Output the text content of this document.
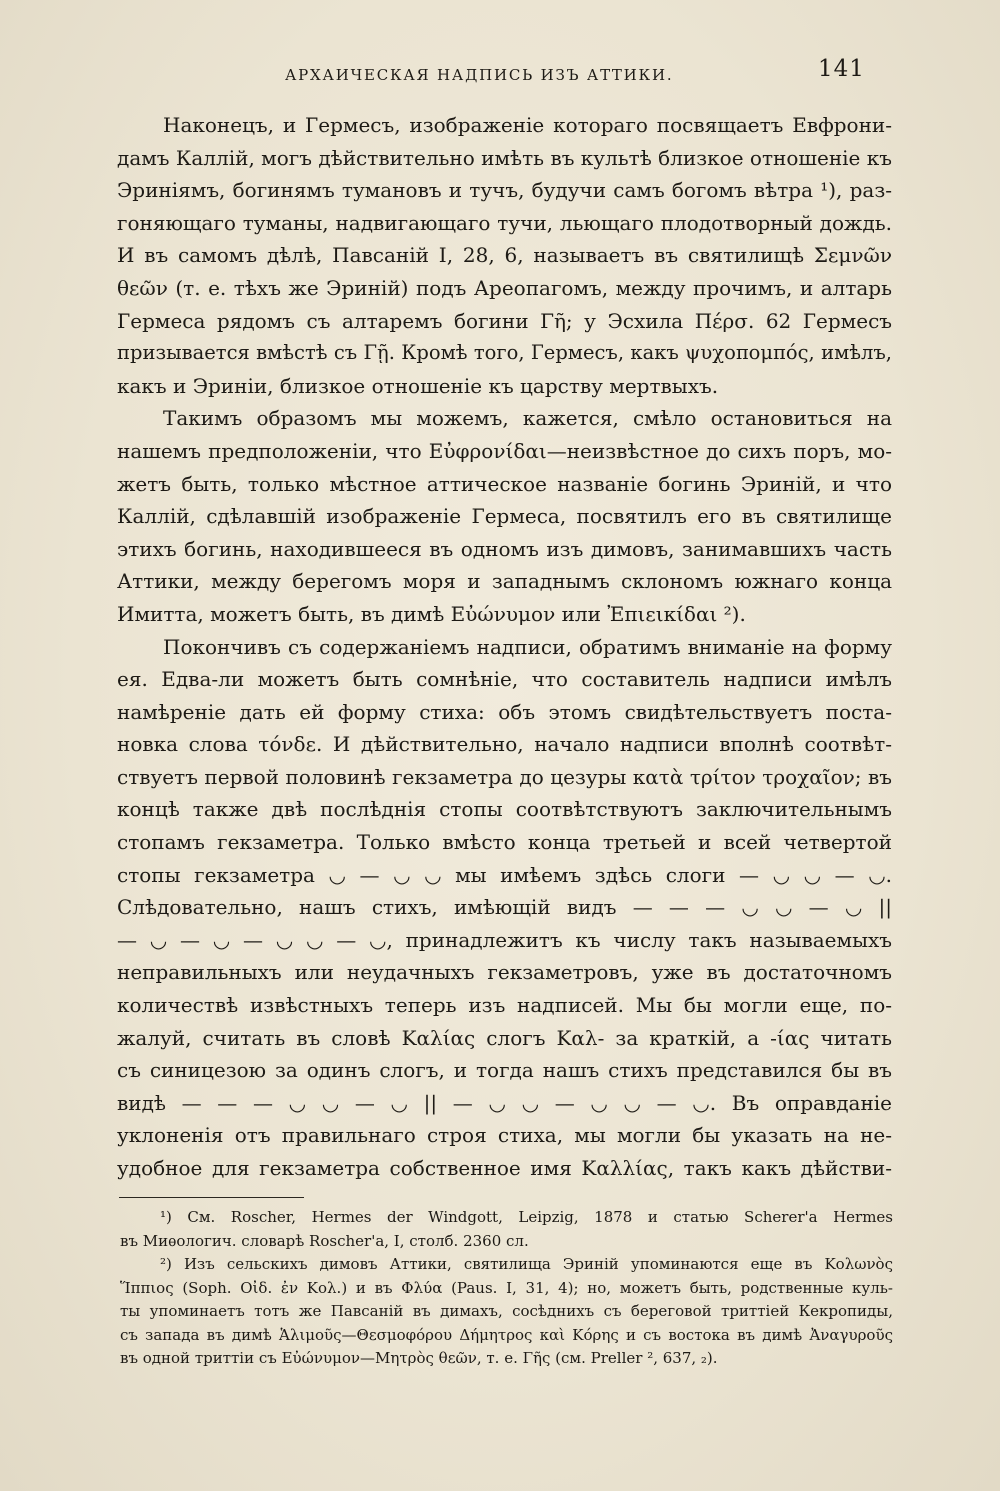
АРХАИЧЕСКАЯ НАДПИСЬ ИЗЪ АТТИКИ.	141
Наконецъ, и Гермесъ, изображеніе котораго посвящаетъ Евфрони-
дамъ Каллій, могъ дѣйствительно имѣть въ культѣ близкое отношеніе къ
Эриніямъ, богинямъ тумановъ и тучъ, будучи самъ богомъ вѣтра ¹), раз-
гоняющаго туманы, надвигающаго тучи, льющаго плодотворный дождь.
И въ самомъ дѣлѣ, Павсаній I, 28, 6, называетъ въ святилищѣ Σεμνῶν
θεῶν (т. е. тѣхъ же Эриній) подъ Ареопагомъ, между прочимъ, и алтарь
Гермеса рядомъ съ алтаремъ богини Γῆ; у Эсхила Πέρσ. 62 Гермесъ
призывается вмѣстѣ съ Γῇ. Кромѣ того, Гермесъ, какъ ψυχοπομπός, имѣлъ,
какъ и Эриніи, близкое отношеніе къ царству мертвыхъ.
Такимъ образомъ мы можемъ, кажется, смѣло остановиться на
нашемъ предположеніи, что Εὐφρονίδαι—неизвѣстное до сихъ поръ, мо-
жетъ быть, только мѣстное аттическое названіе богинь Эриній, и что
Каллій, сдѣлавшій изображеніе Гермеса, посвятилъ его въ святилище
этихъ богинь, находившееся въ одномъ изъ димовъ, занимавшихъ часть
Аттики, между берегомъ моря и западнымъ склономъ южнаго конца
Имитта, можетъ быть, въ димѣ Εὐώνυμον или Ἐπιεικίδαι ²).
Покончивъ съ содержаніемъ надписи, обратимъ вниманіе на форму
ея. Едва-ли можетъ быть сомнѣніе, что составитель надписи имѣлъ
намѣреніе дать ей форму стиха: объ этомъ свидѣтельствуетъ поста-
новка слова τόνδε. И дѣйствительно, начало надписи вполнѣ соотвѣт-
ствуетъ первой половинѣ гекзаметра до цезуры κατὰ τρίτον τροχαῖον; въ
концѣ также двѣ послѣднія стопы соотвѣтствуютъ заключительнымъ
стопамъ гекзаметра. Только вмѣсто конца третьей и всей четвертой
стопы гекзаметра ◡ — ◡ ◡ мы имѣемъ здѣсь слоги — ◡ ◡ — ◡.
Слѣдовательно, нашъ стихъ, имѣющій видъ — — — ◡ ◡ — ◡ ||
— ◡ — ◡ — ◡ ◡ — ◡, принадлежитъ къ числу такъ называемыхъ
неправильныхъ или неудачныхъ гекзаметровъ, уже въ достаточномъ
количествѣ извѣстныхъ теперь изъ надписей. Мы бы могли еще, по-
жалуй, считать въ словѣ Καλίας слогъ Καλ- за краткій, а -ίας читать
съ синицезою за одинъ слогъ, и тогда нашъ стихъ представился бы въ
видѣ — — — ◡ ◡ — ◡ || — ◡ ◡ — ◡ ◡ — ◡. Въ оправданіе
уклоненія отъ правильнаго строя стиха, мы могли бы указать на не-
удобное для гекзаметра собственное имя Καλλίας, такъ какъ дѣйстви-
¹) См. Roscher, Hermes der Windgott, Leipzig, 1878 и статью Scherer'а Hermes
въ Миѳологич. словарѣ Roscher'а, I, столб. 2360 сл.
²) Изъ сельскихъ димовъ Аттики, святилища Эриній упоминаются еще въ Κολωνὸς
Ἵππιος (Soph. Oἰδ. ἐν Κολ.) и въ Φλύα (Paus. I, 31, 4); но, можетъ быть, родственные куль-
ты упоминаетъ тотъ же Павсаній въ димахъ, сосѣднихъ съ береговой триттіей Кекропиды,
съ запада въ димѣ Ἁλιμοῦς—Θεσμοφόρου Δήμητρος καὶ Κόρης и съ востока въ димѣ Ἀναγυροῦς
въ одной триттіи съ Εὐώνυμον—Μητρὸς θεῶν, т. е. Γῆς (см. Preller ², 637, ₂).
